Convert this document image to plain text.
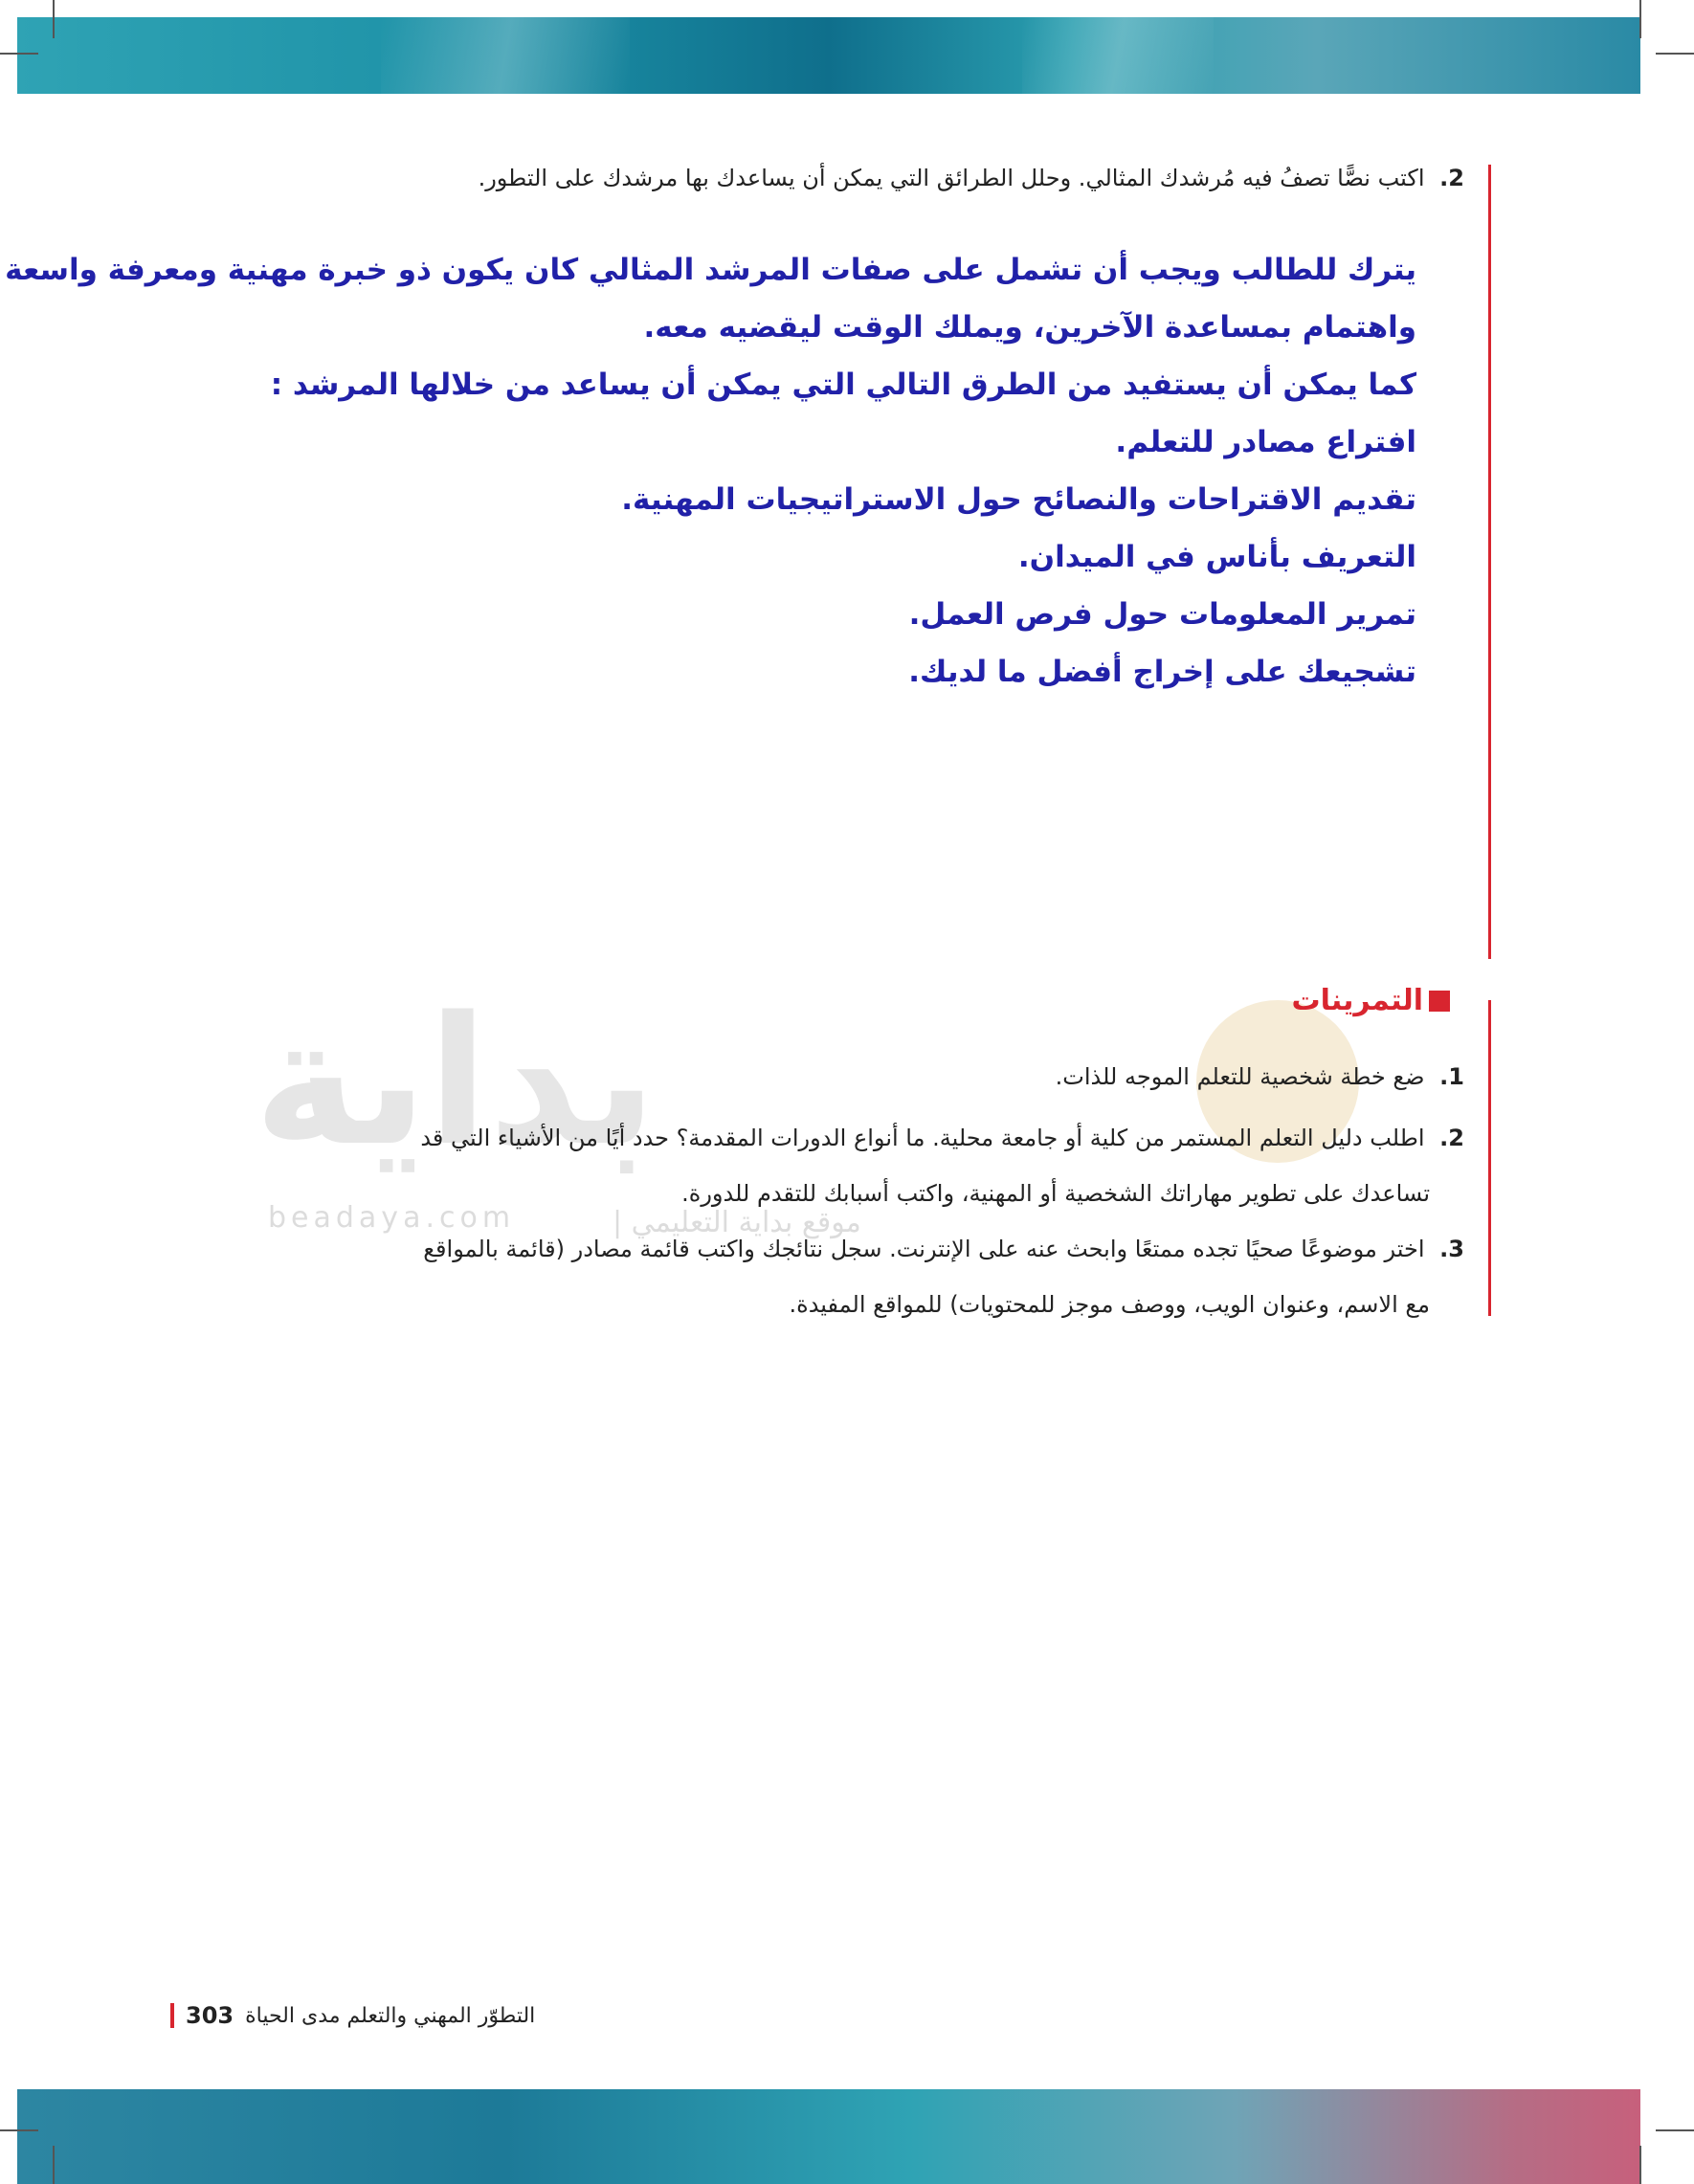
بداية
beadaya.com	موقع بداية التعليمي |
2. اكتب نصًّا تصفُ فيه مُرشدك المثالي. وحلل الطرائق التي يمكن أن يساعدك بها مرشدك على التطور.
يترك للطالب ويجب أن تشمل على صفات المرشد المثالي كان يكون ذو خبرة مهنية ومعرفة واسعة
واهتمام بمساعدة الآخرين، ويملك الوقت ليقضيه معه.
كما يمكن أن يستفيد من الطرق التالي التي يمكن أن يساعد من خلالها المرشد :
افتراع مصادر للتعلم.
تقديم الاقتراحات والنصائح حول الاستراتيجيات المهنية.
التعريف بأناس في الميدان.
تمرير المعلومات حول فرص العمل.
تشجيعك على إخراج أفضل ما لديك.
التمرينات
1. ضع خطة شخصية للتعلم الموجه للذات.
2. اطلب دليل التعلم المستمر من كلية أو جامعة محلية. ما أنواع الدورات المقدمة؟ حدد أيًا من الأشياء التي قد
تساعدك على تطوير مهاراتك الشخصية أو المهنية، واكتب أسبابك للتقدم للدورة.
3. اختر موضوعًا صحيًا تجده ممتعًا وابحث عنه على الإنترنت. سجل نتائجك واكتب قائمة مصادر (قائمة بالمواقع
مع الاسم، وعنوان الويب، ووصف موجز للمحتويات) للمواقع المفيدة.
303 التطوّر المهني والتعلم مدى الحياة
